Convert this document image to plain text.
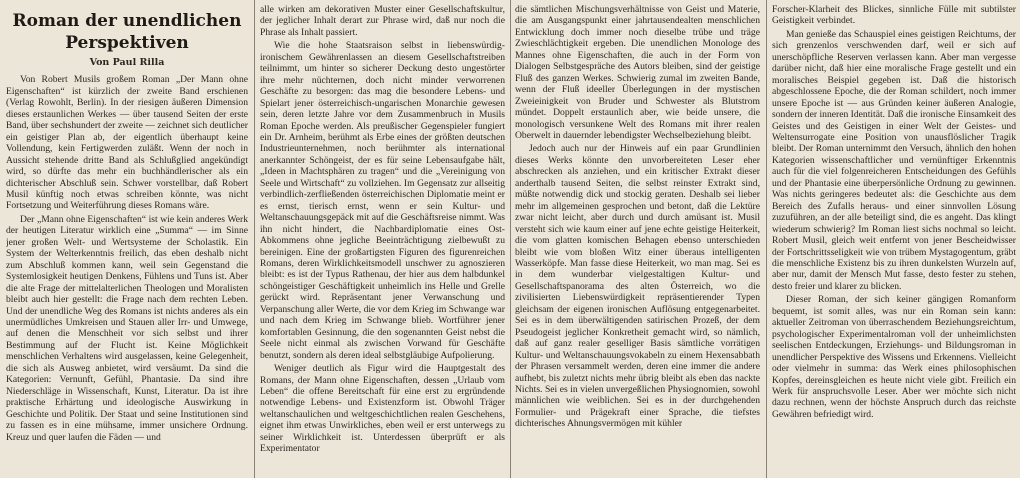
Roman der unendlichen
Perspektiven
Von Paul Rilla

Von Robert Musils großem Roman „Der Mann ohne Eigenschaften“ ist kürzlich der zweite Band erschienen (Verlag Rowohlt, Berlin). In der riesigen äußeren Dimension dieses erstaunlichen Werkes — über tausend Seiten der erste Band, über sechshundert der zweite — zeichnet sich deutlicher ein geistiger Plan ab, der eigentlich überhaupt keine Vollendung, kein Fertigwerden zuläßt. Wenn der noch in Aussicht stehende dritte Band als Schlußglied angekündigt wird, so dürfte das mehr ein buchhändlerischer als ein dichterischer Abschluß sein. Schwer vorstellbar, daß Robert Musil künftig noch etwas schreiben könnte, was nicht Fortsetzung und Weiterführung dieses Romans wäre.

Der „Mann ohne Eigenschaften“ ist wie kein anderes Werk der heutigen Literatur wirklich eine „Summa“ — im Sinne jener großen Welt- und Wertsysteme der Scholastik. Ein System der Welterkenntnis freilich, das eben deshalb nicht zum Abschluß kommen kann, weil sein Gegenstand die Systemlosigkeit heutigen Denkens, Fühlens und Tuns ist. Aber die alte Frage der mittelalterlichen Theologen und Moralisten bleibt auch hier gestellt: die Frage nach dem rechten Leben. Und der unendliche Weg des Romans ist nichts anderes als ein unermüdliches Umkreisen und Stauen aller Irr- und Umwege, auf denen die Menschheit vor sich selbst und ihrer Bestimmung auf der Flucht ist. Keine Möglichkeit menschlichen Verhaltens wird ausgelassen, keine Gelegenheit, die sich als Ausweg anbietet, wird versäumt. Da sind die Kategorien: Vernunft, Gefühl, Phantasie. Da sind ihre Niederschläge in Wissenschaft, Kunst, Literatur. Da ist ihre praktische Erhärtung und ideologische Auswirkung in Geschichte und Politik. Der Staat und seine Institutionen sind zu fassen es in eine mühsame, immer unsichere Ordnung. Kreuz und quer laufen die Fäden — und

alle wirken am dekorativen Muster einer Gesellschaftskultur, der jeglicher Inhalt derart zur Phrase wird, daß nur noch die Phrase als Inhalt passiert.

Wie die hohe Staatsraison selbst in liebenswürdig-ironischem Gewährenlassen an diesem Gesellschaftstreiben teilnimmt, um hinter so sicherer Deckung desto ungestörter ihre mehr nüchternen, doch nicht minder verworrenen Geschäfte zu besorgen: das mag die besondere Lebens- und Spielart jener österreichisch-ungarischen Monarchie gewesen sein, deren letzte Jahre vor dem Zusammenbruch in Musils Roman Epoche werden. Als preußischer Gegenspieler fungiert ein Dr. Arnheim, berühmt als Erbe eines der größten deutschen Industrieunternehmen, noch berühmter als international anerkannter Schöngeist, der es für seine Lebensaufgabe hält, „Ideen in Machtsphären zu tragen“ und die „Vereinigung von Seele und Wirtschaft“ zu vollziehen. Im Gegensatz zur allseitig verbindlich-zerfließenden österreichischen Diplomatie meint er es ernst, tierisch ernst, wenn er sein Kultur- und Weltanschauungsgepäck mit auf die Geschäftsreise nimmt. Was ihn nicht hindert, die Nachbardiplomatie eines Ost-Abkommens ohne jegliche Beeinträchtigung zielbewußt zu bereinigen. Eine der großartigsten Figuren des figurenreichen Romans, deren Wirklichkeitsmodell unschwer zu agnoszieren bleibt: es ist der Typus Rathenau, der hier aus dem halbdunkel schöngeistiger Geschäftigkeit unheimlich ins Helle und Grelle gerückt wird. Repräsentant jener Verwanschung und Verpanschung aller Werte, die vor dem Krieg im Schwange war und nach dem Krieg im Schwange blieb. Wortführer jener komfortablen Gesinnung, die den sogenannten Geist nebst die Seele nicht einmal als zwischen Vorwand für Geschäfte benutzt, sondern als deren ideal selbstgläubige Aufpolierung.

Weniger deutlich als Figur wird die Hauptgestalt des Romans, der Mann ohne Eigenschaften, dessen „Urlaub vom Leben“ die offene Bereitschaft für eine erst zu ergründende notwendige Lebens- und Existenzform ist. Obwohl Träger weltanschaulichen und weltgeschichtlichen realen Geschehens, eignet ihm etwas Unwirkliches, eben weil er erst unterwegs zu seiner Wirklichkeit ist. Unterdessen überprüft er als Experimentator

die sämtlichen Mischungsverhältnisse von Geist und Materie, die am Ausgangspunkt einer jahrtausendealten menschlichen Entwicklung doch immer noch dieselbe trübe und träge Zwieschlächtigkeit ergeben. Die unendlichen Monologe des Mannes ohne Eigenschaften, die auch in der Form von Dialogen Selbstgespräche des Autors bleiben, sind der geistige Fluß des ganzen Werkes. Schwierig zumal im zweiten Bande, wenn der Fluß ideeller Überlegungen in der mystischen Zweieinigkeit von Bruder und Schwester als Blutstrom mündet. Doppelt erstaunlich aber, wie beide unsere, die monologisch versunkene Welt des Romans mit ihrer realen Oberwelt in dauernder lebendigster Wechselbeziehung bleibt.

Jedoch auch nur der Hinweis auf ein paar Grundlinien dieses Werks könnte den unvorbereiteten Leser eher abschrecken als anziehen, und ein kritischer Extrakt dieser anderthalb tausend Seiten, die selbst reinster Extrakt sind, müßte notwendig dick und stockig geraten. Deshalb sei lieber mehr im allgemeinen gesprochen und betont, daß die Lektüre zwar nicht leicht, aber durch und durch amüsant ist. Musil versteht sich wie kaum einer auf jene echte geistige Heiterkeit, die vom glatten komischen Behagen ebenso unterschieden bleibt wie vom bloßen Witz einer überaus intelligenten Wasserköpfe. Man fasse diese Heiterkeit, wo man mag. Sei es in dem wunderbar vielgestaltigen Kultur- und Gesellschaftspanorama des alten Österreich, wo die zivilisierten Liebenswürdigkeit repräsentierender Typen gleichsam der eigenen ironischen Auflösung entgegenarbeitet. Sei es in dem überwältigenden satirischen Prozeß, der dem Pseudogeist jeglicher Konkretheit gemacht wird, so nämlich, daß auf ganz realer geselliger Basis sämtliche vorrätigen Kultur- und Weltanschauungsvokabeln zu einem Hexensabbath der Phrasen versammelt werden, deren eine immer die andere aufhebt, bis zuletzt nichts mehr übrig bleibt als eben das nackte Nichts. Sei es in vielen unvergeßlichen Physiognomien, sowohl männlichen wie weiblichen. Sei es in der durchgehenden Formulier- und Prägekraft einer Sprache, die tiefstes dichterisches Ahnungsvermögen mit kühler

Forscher-Klarheit des Blickes, sinnliche Fülle mit subtilster Geistigkeit verbindet.

Man genieße das Schauspiel eines geistigen Reichtums, der sich grenzenlos verschwenden darf, weil er sich auf unerschöpfliche Reserven verlassen kann. Aber man vergesse darüber nicht, daß hier eine moralische Frage gestellt und ein moralisches Beispiel gegeben ist. Daß die historisch abgeschlossene Epoche, die der Roman schildert, noch immer unsere Epoche ist — aus Gründen keiner äußeren Analogie, sondern der inneren Identität. Daß die ironische Einsamkeit des Geistes und des Geistigen in einer Welt der Geistes- und Weltensurrogate eine Position von unausflöslicher Tragik bleibt. Der Roman unternimmt den Versuch, ähnlich den hohen Kategorien wissenschaftlicher und vernünftiger Erkenntnis auch für die viel folgenreicheren Entscheidungen des Gefühls und der Phantasie eine überpersönliche Ordnung zu gewinnen. Was nichts geringeres bedeutet als: die Geschichte aus dem Bereich des Zufalls heraus- und einer sinnvollen Lösung zuzuführen, an der alle beteiligt sind, die es angeht. Das klingt wiederum schwierig? Im Roman liest sichs nochmal so leicht. Robert Musil, gleich weit entfernt von jener Bescheidwisser der Fortschrittsseligkeit wie von trübem Mystagogentum, gräbt die menschliche Existenz bis zu ihren dunkelsten Wurzeln auf, aber nur, damit der Mensch Mut fasse, desto fester zu stehen, desto freier und klarer zu blicken.

Dieser Roman, der sich keiner gängigen Romanform bequemt, ist somit alles, was nur ein Roman sein kann: aktueller Zeitroman von überraschendem Beziehungsreichtum, psychologischer Experimentalroman voll der unheimlichsten seelischen Entdeckungen, Erziehungs- und Bildungsroman in unendlicher Perspektive des Wissens und Erkennens. Vielleicht oder vielmehr in summa: das Werk eines philosophischen Kopfes, dereinsgleichen es heute nicht viele gibt. Freilich ein Werk für anspruchsvolle Leser. Aber wer möchte sich nicht dazu rechnen, wenn der höchste Anspruch durch das reichste Gewähren befriedigt wird.
